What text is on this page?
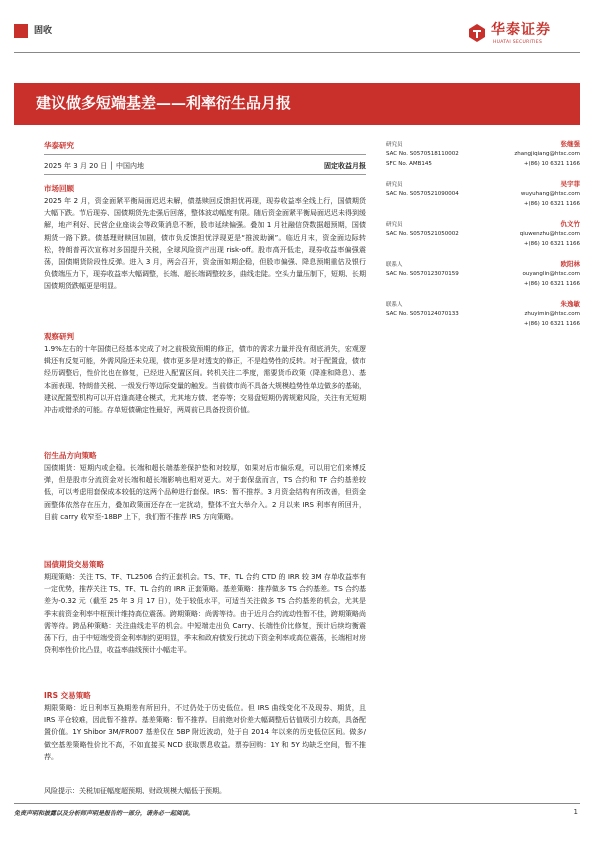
固收	华泰证券
HUATAI SECURITIES
建议做多短端基差——利率衍生品月报
华泰研究
2025 年 3 月 20 日 │ 中国内地	固定收益月报
市场回顾
2025 年 2 月，资金面紧平衡局面迟迟未解，债基赎回反馈担忧再现，现券收益率全线上行，国债期货大幅下跌。节后现券、国债期货先走强后回落，整体波动幅度有限。随后资金面紧平衡局面迟迟未得到缓解，地产利好、民营企业座谈会等政策消息不断，股市延续偏强。叠加 1 月社融信贷数据超预期，国债期货一路下跌。债基理财赎回加剧，债市负反馈担忧浮现更是“推波助澜”。临近月末，资金面边际转松，特朗普再次宣称对多国提升关税，全球风险资产出现 risk-off。股市高开低走，现券收益率偏强震荡，国债期货阶段性反弹。进入 3 月，两会召开，资金面如期企稳，但股市偏强、降息预期重估及银行负债端压力下，现券收益率大幅调整，长端、超长端调整较多，曲线走陡。空头力量压制下，短期、长期国债期货跌幅更是明显。
观察研判
1.9%左右的十年国债已经基本完成了对之前极致预期的修正，债市的需求力量并没有彻底消失，宏观逻辑还有反复可能，外需风险还未兑现，债市更多是对透支的修正，不是趋势性的反转。对于配置盘，债市经历调整后，性价比也在修复，已经进入配置区间。转机关注二季度，需要货币政策（降准和降息）、基本面表现、特朗普关税、一级发行等边际变量的触发。当前债市尚不具备大规模趋势性单边做多的基础，建议配置型机构可以开启逢高建仓模式，尤其地方债、老券等；交易盘短期仍需规避风险，关注有无短期冲击或错杀的可能。存单短债确定性最好，两周前已具备投资价值。
衍生品方向策略
国债期货：短期内或企稳。长端和超长端基差保护垫和对较厚，如果对后市偏乐观，可以用它们来博反弹，但是股市分流资金对长端和超长端影响也相对更大。对于套保盘而言，TS 合约和 TF 合约基差较低，可以考虑用套保成本较低的这两个品种进行套保。IRS：暂不推荐。3 月资金结构有所改善，但资金面整体依然存在压力，叠加政策面还存在一定扰动，整体不宜大举介入。2 月以来 IRS 利率有所回升，目前 carry 收窄至-18BP 上下，我们暂不推荐 IRS 方向策略。
国债期货交易策略
期现策略：关注 TS、TF、TL2506 合约正套机会。TS、TF、TL 合约 CTD 的 IRR 较 3M 存单收益率有一定优势，推荐关注 TS、TF、TL 合约的 IRR 正套策略。基差策略：推荐做多 TS 合约基差。TS 合约基差为-0.32 元（截至 25 年 3 月 17 日），处于较低水平，可适当关注做多 TS 合约基差的机会，尤其是季末前资金利率中枢预计维持高位震荡。跨期策略：尚需等待。由于近月合约流动性暂不佳，跨期策略尚需等待。跨品种策略：关注曲线走平的机会。中短端走出负 Carry、长端性价比修复，预计后续均衡震荡下行，由于中短端受资金利率制约更明显，季末和政府债发行扰动下资金利率或高位震荡，长端相对房贷利率性价比凸显，收益率曲线预计小幅走平。
IRS 交易策略
期限策略：近日利率互换期差有所回升，不过仍处于历史低位。但 IRS 曲线变化不及现券、期货，且 IRS 平仓较难，因此暂不推荐。基差策略：暂不推荐。目前绝对价差大幅调整后估值吸引力较高，具备配置价值。1Y Shibor 3M/FR007 基差仅在 5BP 附近波动，处于自 2014 年以来的历史低位区间。做多/做空基差策略性价比不高，不如直接买 NCD 获取票息收益。票券回购：1Y 和 5Y 均缺乏空间，暂不推荐。
风险提示：关税加征幅度超预期、财政规模大幅低于预期。
研究员	张继强
SAC No. S0570518110002	zhangjiqiang@htsc.com
SFC No. AMB145	+(86) 10 6321 1166
研究员	吴宇菲
SAC No. S0570521090004	wuyuhang@htsc.com
+(86) 10 6321 1166
研究员	仇文竹
SAC No. S0570521050002	qiuwenzhu@htsc.com
+(86) 10 6321 1166
联系人	欧阳林
SAC No. S0570123070159	ouyanglin@htsc.com
+(86) 10 6321 1166
联系人	朱逸敏
SAC No. S0570124070133	zhuyimin@htsc.com
+(86) 10 6321 1166
免责声明和披露以及分析师声明是报告的一部分，请务必一起阅读。	1
